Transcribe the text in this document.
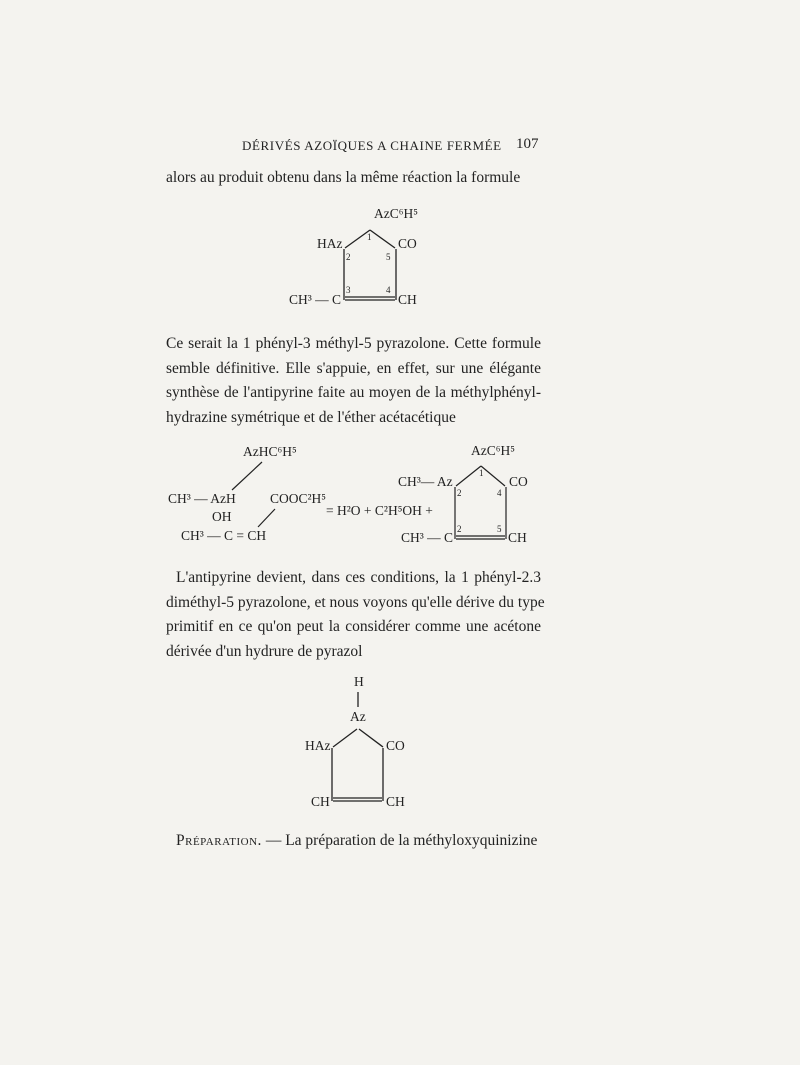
DÉRIVÉS AZOÏQUES A CHAINE FERMÉE 107
alors au produit obtenu dans la même réaction la formule
AzC⁶H⁵
HAz	CO
CH³ — C	CH
1
2
3	4
5
Ce serait la 1 phényl-3 méthyl-5 pyrazolone. Cette formule
semble définitive. Elle s'appuie, en effet, sur une élégante
synthèse de l'antipyrine faite au moyen de la méthylphényl-
hydrazine symétrique et de l'éther acétacétique
AzHC⁶H⁵
CH³ — AzH
OH
COOC²H⁵
CH³ — C = CH
= H²O + C²H⁵OH +
AzC⁶H⁵
CH³— Az	CO
CH³ — C	CH
1
2	4
5
2
L'antipyrine devient, dans ces conditions, la 1 phényl-2.3
diméthyl-5 pyrazolone, et nous voyons qu'elle dérive du type
primitif en ce qu'on peut la considérer comme une acétone
dérivée d'un hydrure de pyrazol
H
Az
HAz	CO
CH	CH
Préparation. — La préparation de la méthyloxyquinizine
